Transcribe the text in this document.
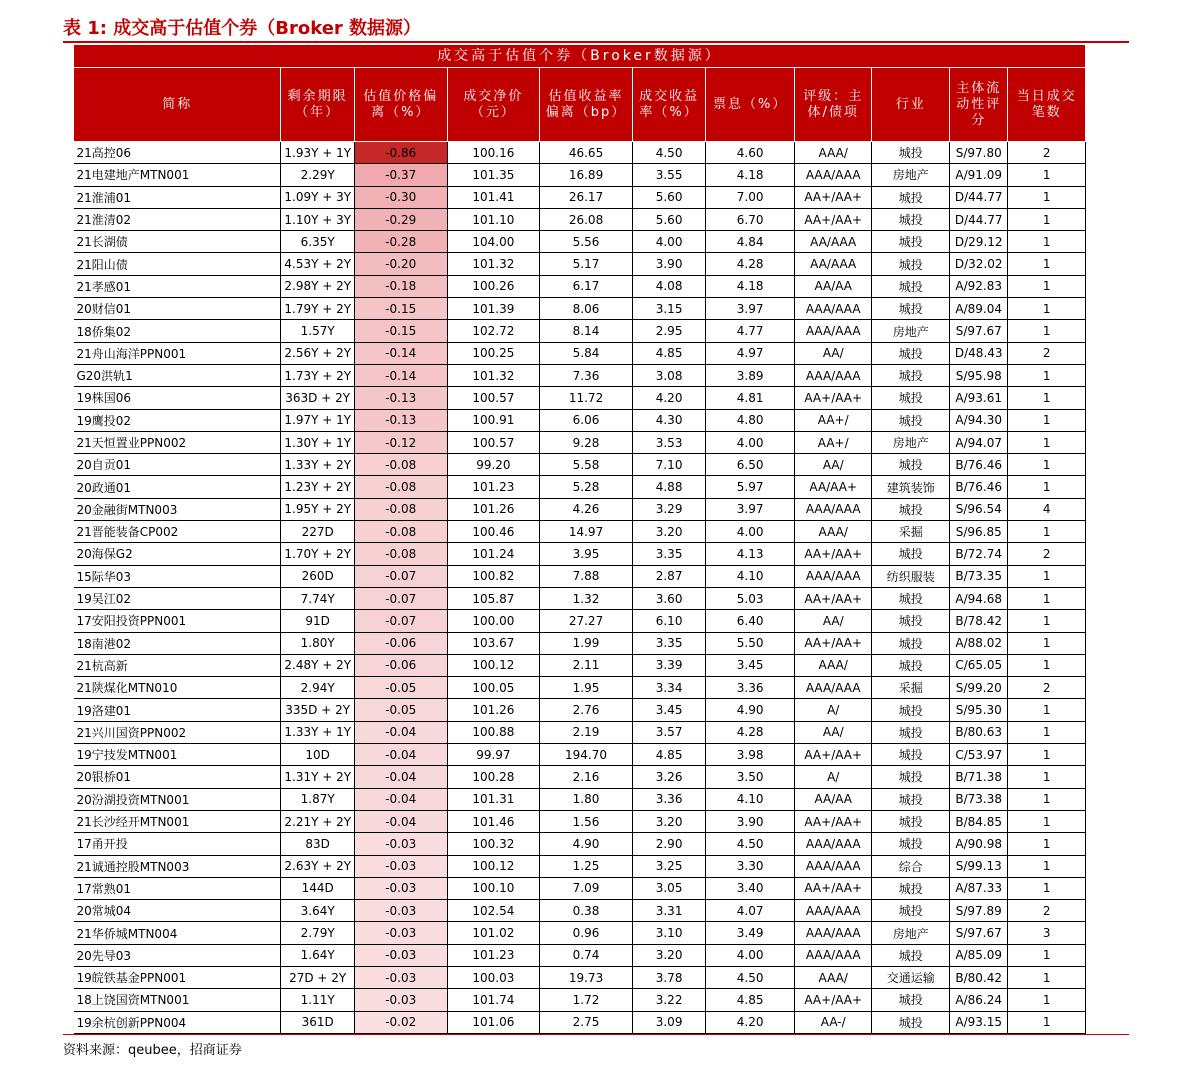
表 1: 成交高于估值个券（Broker 数据源）
成交高于估值个券（Broker数据源）										
简称	剩余期限（年）	估值价格偏离（%）	成交净价（元）	估值收益率偏离（bp）	成交收益率（%）	票息（%）	评级：主体/债项	行业	主体流动性评分	当日成交笔数
21高控06	1.93Y + 1Y	-0.86	100.16	46.65	4.50	4.60	AAA/	城投	S/97.80	2
21电建地产MTN001	2.29Y	-0.37	101.35	16.89	3.55	4.18	AAA/AAA	房地产	A/91.09	1
21淮浦01	1.09Y + 3Y	-0.30	101.41	26.17	5.60	7.00	AA+/AA+	城投	D/44.77	1
21淮清02	1.10Y + 3Y	-0.29	101.10	26.08	5.60	6.70	AA+/AA+	城投	D/44.77	1
21长湖债	6.35Y	-0.28	104.00	5.56	4.00	4.84	AA/AAA	城投	D/29.12	1
21阳山债	4.53Y + 2Y	-0.20	101.32	5.17	3.90	4.28	AA/AAA	城投	D/32.02	1
21孝感01	2.98Y + 2Y	-0.18	100.26	6.17	4.08	4.18	AA/AA	城投	A/92.83	1
20财信01	1.79Y + 2Y	-0.15	101.39	8.06	3.15	3.97	AAA/AAA	城投	A/89.04	1
18侨集02	1.57Y	-0.15	102.72	8.14	2.95	4.77	AAA/AAA	房地产	S/97.67	1
21舟山海洋PPN001	2.56Y + 2Y	-0.14	100.25	5.84	4.85	4.97	AA/	城投	D/48.43	2
G20洪轨1	1.73Y + 2Y	-0.14	101.32	7.36	3.08	3.89	AAA/AAA	城投	S/95.98	1
19株国06	363D + 2Y	-0.13	100.57	11.72	4.20	4.81	AA+/AA+	城投	A/93.61	1
19鹰投02	1.97Y + 1Y	-0.13	100.91	6.06	4.30	4.80	AA+/	城投	A/94.30	1
21天恒置业PPN002	1.30Y + 1Y	-0.12	100.57	9.28	3.53	4.00	AA+/	房地产	A/94.07	1
20自贡01	1.33Y + 2Y	-0.08	99.20	5.58	7.10	6.50	AA/	城投	B/76.46	1
20政通01	1.23Y + 2Y	-0.08	101.23	5.28	4.88	5.97	AA/AA+	建筑装饰	B/76.46	1
20金融街MTN003	1.95Y + 2Y	-0.08	101.26	4.26	3.29	3.97	AAA/AAA	城投	S/96.54	4
21晋能装备CP002	227D	-0.08	100.46	14.97	3.20	4.00	AAA/	采掘	S/96.85	1
20海保G2	1.70Y + 2Y	-0.08	101.24	3.95	3.35	4.13	AA+/AA+	城投	B/72.74	2
15际华03	260D	-0.07	100.82	7.88	2.87	4.10	AAA/AAA	纺织服装	B/73.35	1
19吴江02	7.74Y	-0.07	105.87	1.32	3.60	5.03	AA+/AA+	城投	A/94.68	1
17安阳投资PPN001	91D	-0.07	100.00	27.27	6.10	6.40	AA/	城投	B/78.42	1
18南港02	1.80Y	-0.06	103.67	1.99	3.35	5.50	AA+/AA+	城投	A/88.02	1
21杭高新	2.48Y + 2Y	-0.06	100.12	2.11	3.39	3.45	AAA/	城投	C/65.05	1
21陕煤化MTN010	2.94Y	-0.05	100.05	1.95	3.34	3.36	AAA/AAA	采掘	S/99.20	2
19洛建01	335D + 2Y	-0.05	101.26	2.76	3.45	4.90	A/	城投	S/95.30	1
21兴川国资PPN002	1.33Y + 1Y	-0.04	100.88	2.19	3.57	4.28	AA/	城投	B/80.63	1
19宁技发MTN001	10D	-0.04	99.97	194.70	4.85	3.98	AA+/AA+	城投	C/53.97	1
20银桥01	1.31Y + 2Y	-0.04	100.28	2.16	3.26	3.50	A/	城投	B/71.38	1
20汾湖投资MTN001	1.87Y	-0.04	101.31	1.80	3.36	4.10	AA/AA	城投	B/73.38	1
21长沙经开MTN001	2.21Y + 2Y	-0.04	101.46	1.56	3.20	3.90	AA+/AA+	城投	B/84.85	1
17甬开投	83D	-0.03	100.32	4.90	2.90	4.50	AAA/AAA	城投	A/90.98	1
21诚通控股MTN003	2.63Y + 2Y	-0.03	100.12	1.25	3.25	3.30	AAA/AAA	综合	S/99.13	1
17常熟01	144D	-0.03	100.10	7.09	3.05	3.40	AA+/AA+	城投	A/87.33	1
20常城04	3.64Y	-0.03	102.54	0.38	3.31	4.07	AAA/AAA	城投	S/97.89	2
21华侨城MTN004	2.79Y	-0.03	101.02	0.96	3.10	3.49	AAA/AAA	房地产	S/97.67	3
20先导03	1.64Y	-0.03	101.23	0.74	3.20	4.00	AAA/AAA	城投	A/85.09	1
19皖铁基金PPN001	27D + 2Y	-0.03	100.03	19.73	3.78	4.50	AAA/	交通运输	B/80.42	1
18上饶国资MTN001	1.11Y	-0.03	101.74	1.72	3.22	4.85	AA+/AA+	城投	A/86.24	1
19余杭创新PPN004	361D	-0.02	101.06	2.75	3.09	4.20	AA-/	城投	A/93.15	1
资料来源：qeubee，招商证券
